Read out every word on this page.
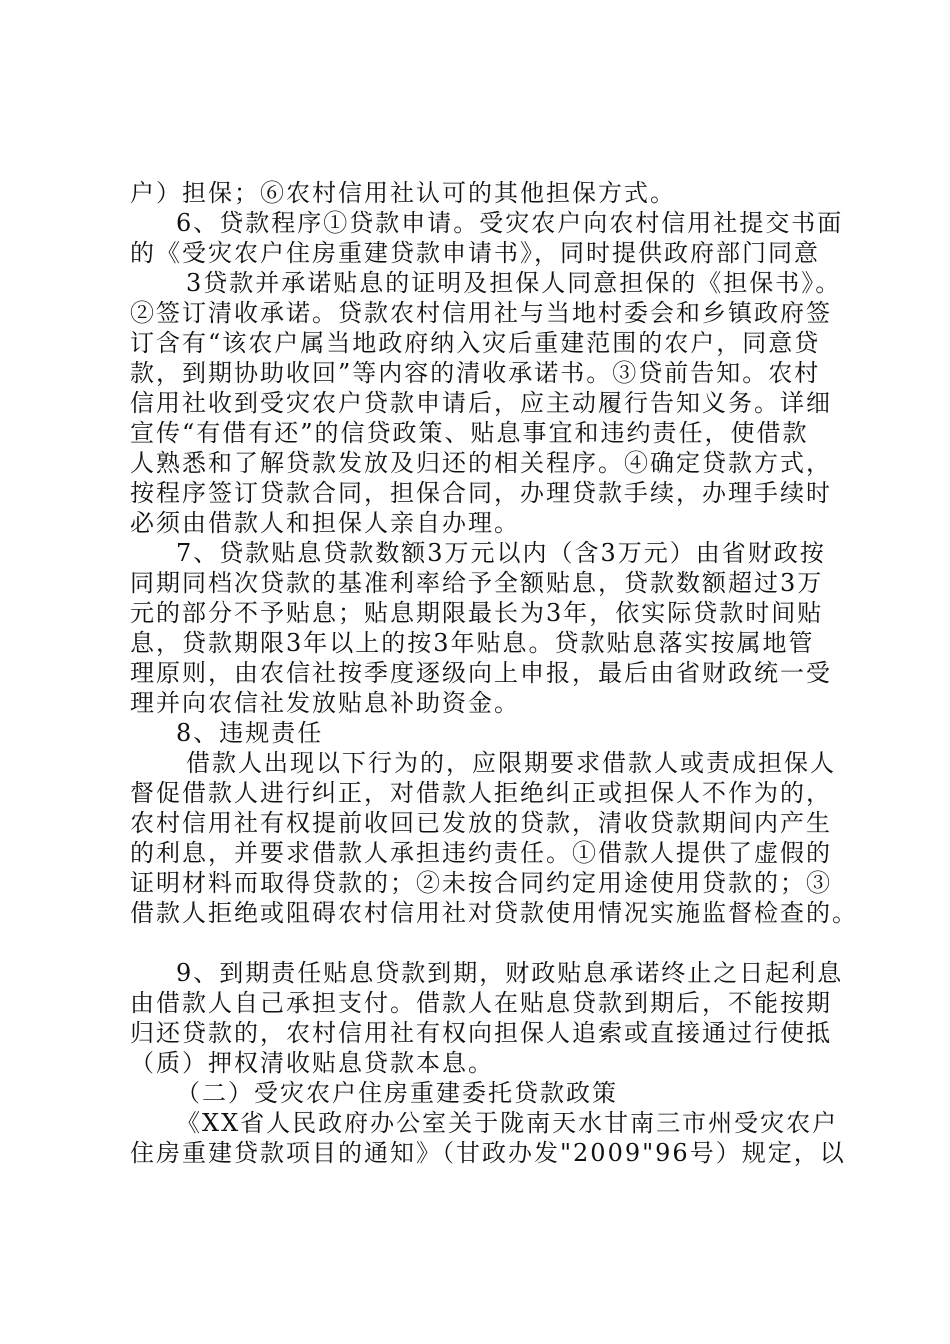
户）担保；⑥农村信用社认可的其他担保方式。
6、贷款程序①贷款申请。受灾农户向农村信用社提交书面
的《受灾农户住房重建贷款申请书》，同时提供政府部门同意
3贷款并承诺贴息的证明及担保人同意担保的《担保书》。
②签订清收承诺。贷款农村信用社与当地村委会和乡镇政府签
订含有“该农户属当地政府纳入灾后重建范围的农户，同意贷
款，到期协助收回”等内容的清收承诺书。③贷前告知。农村
信用社收到受灾农户贷款申请后，应主动履行告知义务。详细
宣传“有借有还”的信贷政策、贴息事宜和违约责任，使借款
人熟悉和了解贷款发放及归还的相关程序。④确定贷款方式，
按程序签订贷款合同，担保合同，办理贷款手续，办理手续时
必须由借款人和担保人亲自办理。
7、贷款贴息贷款数额3万元以内（含3万元）由省财政按
同期同档次贷款的基准利率给予全额贴息，贷款数额超过3万
元的部分不予贴息；贴息期限最长为3年，依实际贷款时间贴
息，贷款期限3年以上的按3年贴息。贷款贴息落实按属地管
理原则，由农信社按季度逐级向上申报，最后由省财政统一受
理并向农信社发放贴息补助资金。
8、违规责任
借款人出现以下行为的，应限期要求借款人或责成担保人
督促借款人进行纠正，对借款人拒绝纠正或担保人不作为的，
农村信用社有权提前收回已发放的贷款，清收贷款期间内产生
的利息，并要求借款人承担违约责任。①借款人提供了虚假的
证明材料而取得贷款的；②未按合同约定用途使用贷款的；③
借款人拒绝或阻碍农村信用社对贷款使用情况实施监督检查的。
9、到期责任贴息贷款到期，财政贴息承诺终止之日起利息
由借款人自己承担支付。借款人在贴息贷款到期后，不能按期
归还贷款的，农村信用社有权向担保人追索或直接通过行使抵
（质）押权清收贴息贷款本息。
（二）受灾农户住房重建委托贷款政策
《XX省人民政府办公室关于陇南天水甘南三市州受灾农户
住房重建贷款项目的通知》（甘政办发"2009"96号）规定，以
